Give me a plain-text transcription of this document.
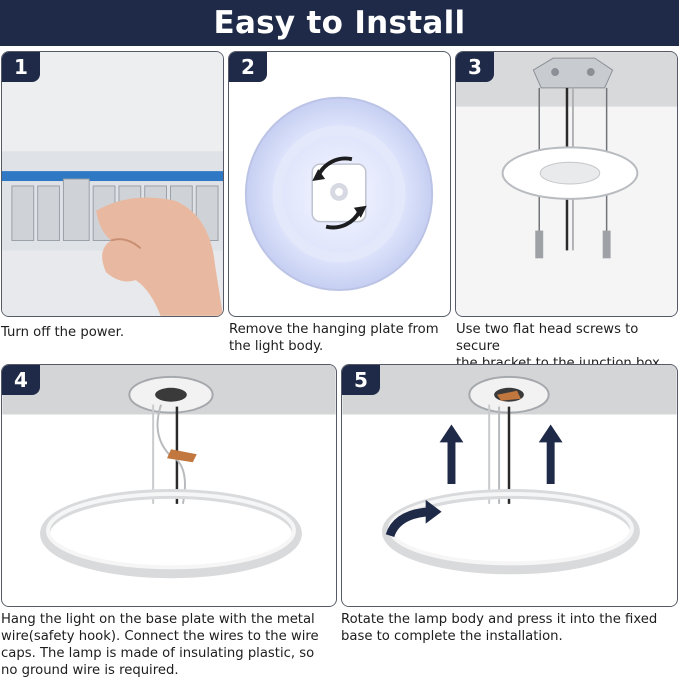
Easy to Install
1
Turn off the power.
2
Remove the hanging plate from
the light body.
3
Use two flat head screws to secure
4
Hang the light on the base plate with the metal
wire(safety hook). Connect the wires to the wire
caps. The lamp is made of insulating plastic, so
no ground wire is required.
5
Rotate the lamp body and press it into the fixed
base to complete the installation.
